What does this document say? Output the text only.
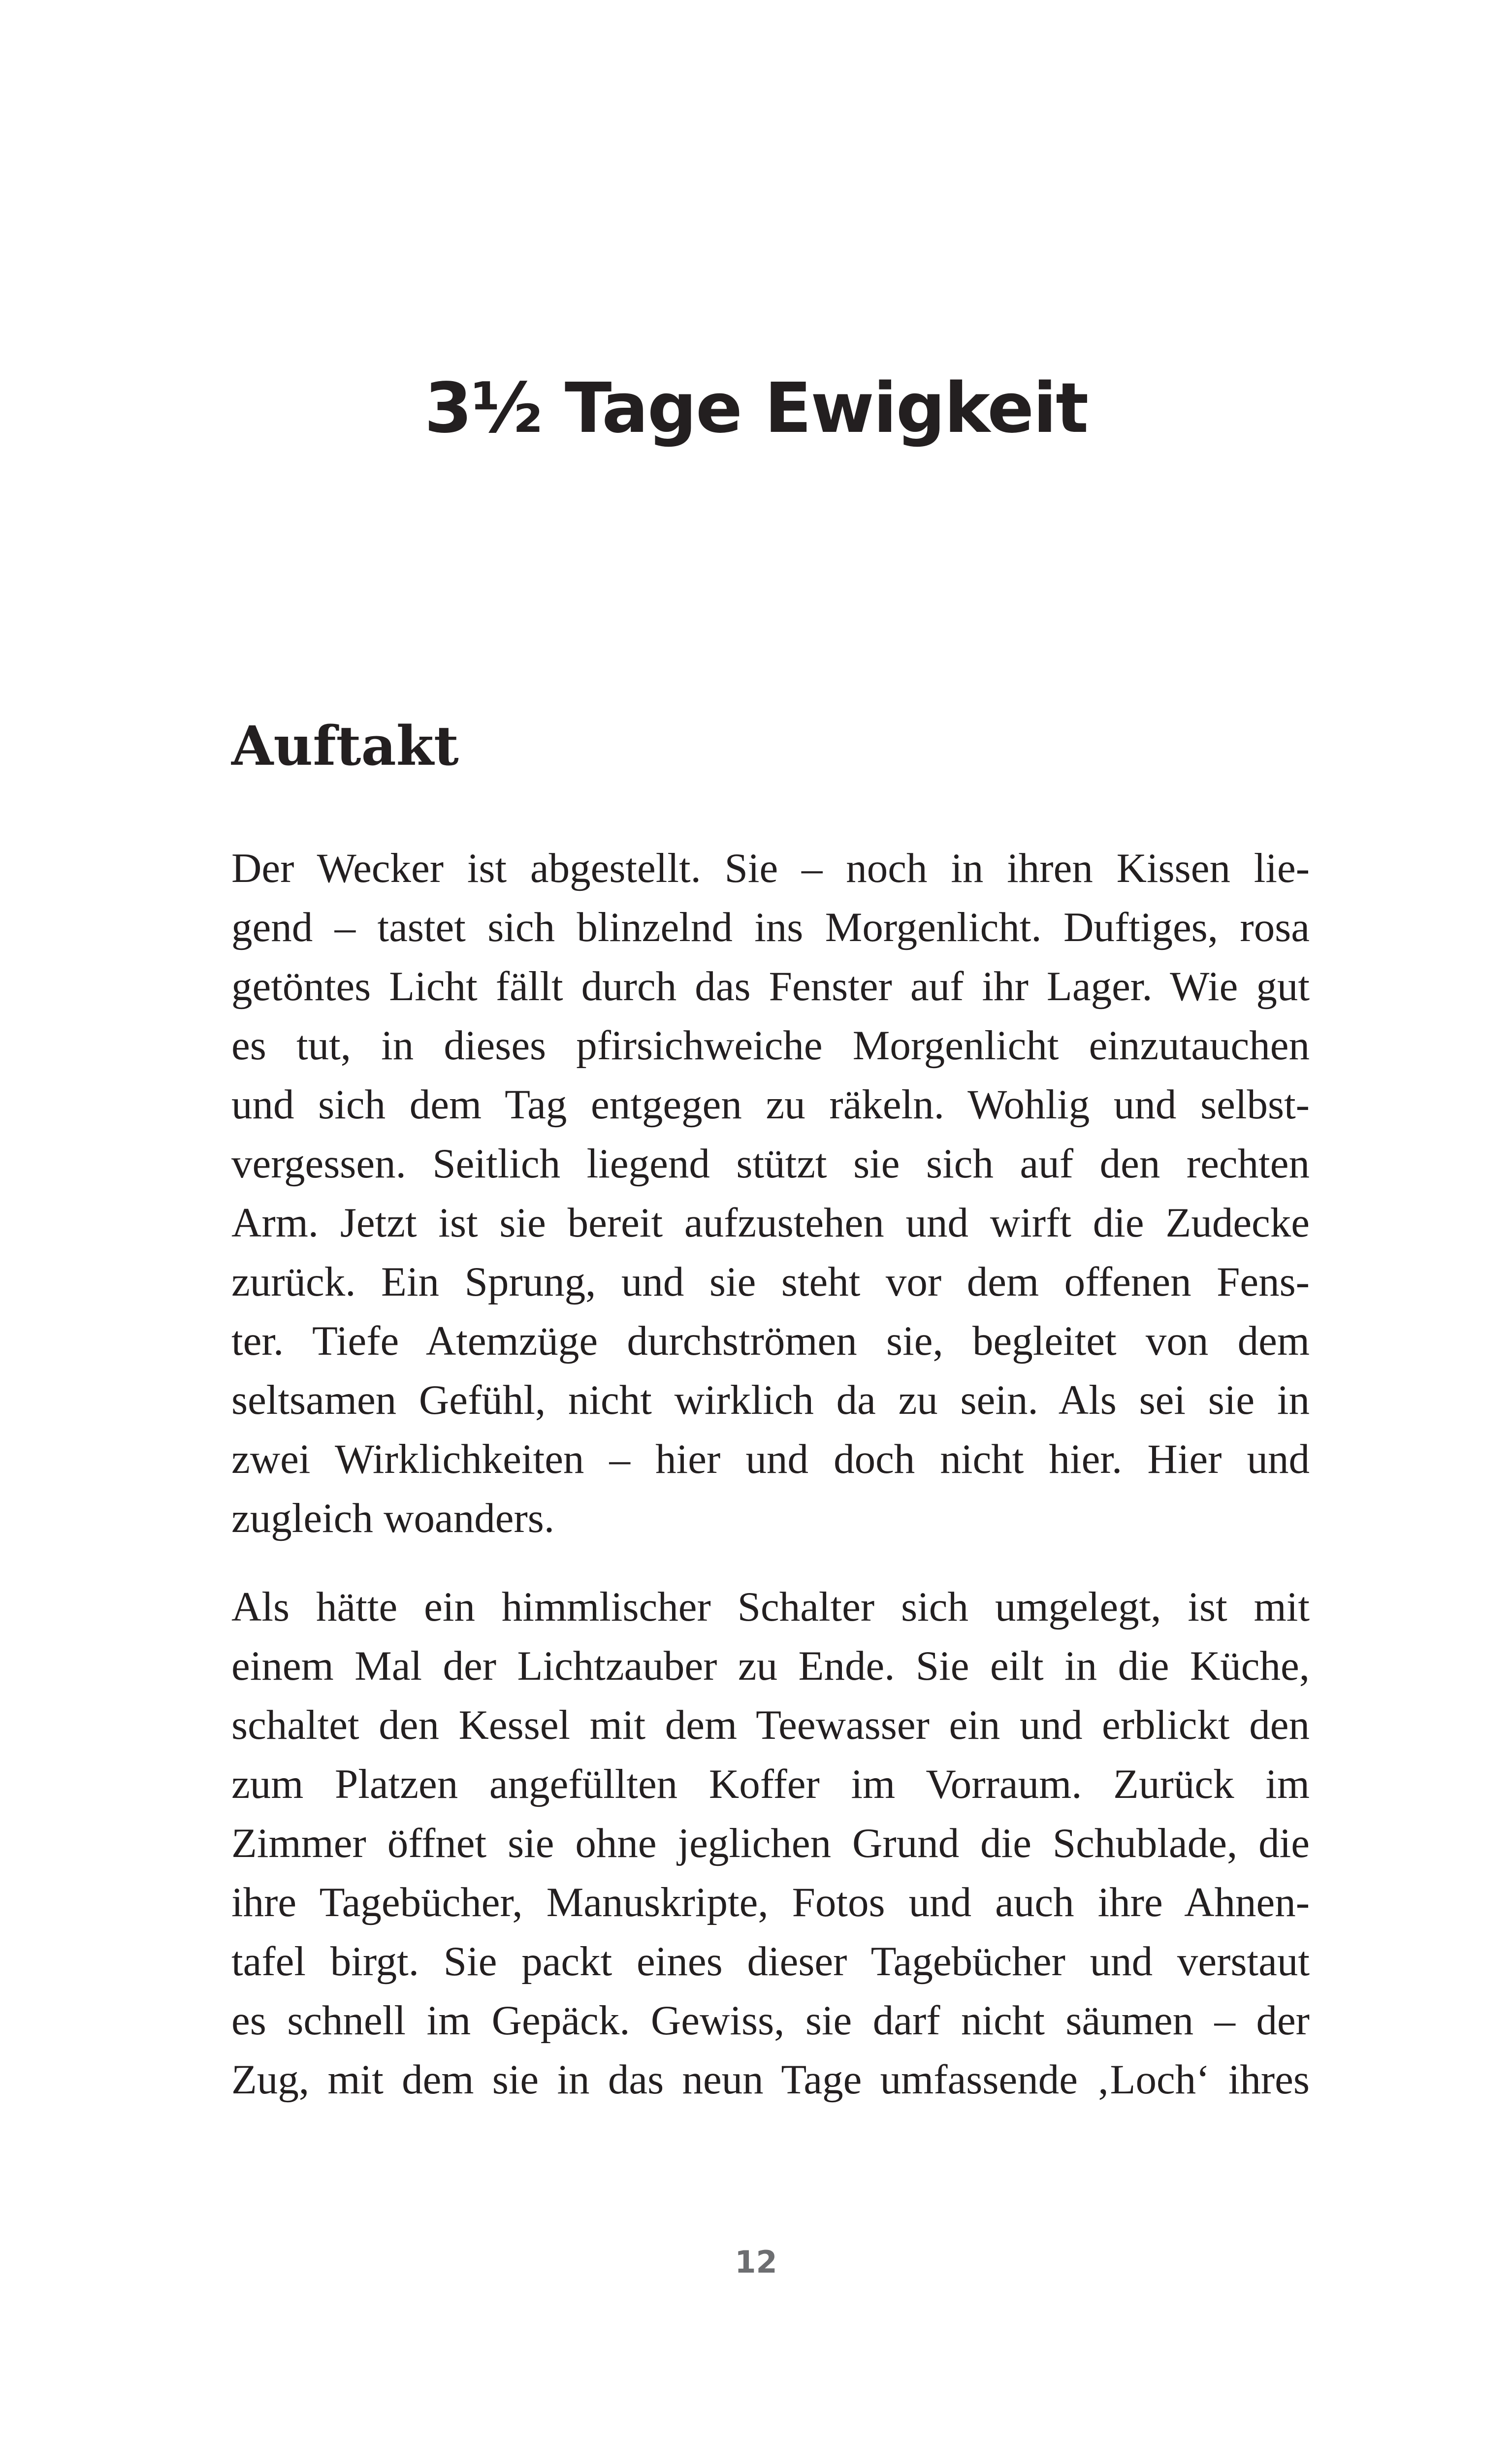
3½ Tage Ewigkeit
Auftakt
Der Wecker ist abgestellt. Sie – noch in ihren Kissen lie-
gend – tastet sich blinzelnd ins Morgenlicht. Duftiges, rosa
getöntes Licht fällt durch das Fenster auf ihr Lager. Wie gut
es tut, in dieses pfirsichweiche Morgenlicht einzutauchen
und sich dem Tag entgegen zu räkeln. Wohlig und selbst-
vergessen. Seitlich liegend stützt sie sich auf den rechten
Arm. Jetzt ist sie bereit aufzustehen und wirft die Zudecke
zurück. Ein Sprung, und sie steht vor dem offenen Fens-
ter. Tiefe Atemzüge durchströmen sie, begleitet von dem
seltsamen Gefühl, nicht wirklich da zu sein. Als sei sie in
zwei Wirklichkeiten – hier und doch nicht hier. Hier und
zugleich woanders.
Als hätte ein himmlischer Schalter sich umgelegt, ist mit
einem Mal der Lichtzauber zu Ende. Sie eilt in die Küche,
schaltet den Kessel mit dem Teewasser ein und erblickt den
zum Platzen angefüllten Koffer im Vorraum. Zurück im
Zimmer öffnet sie ohne jeglichen Grund die Schublade, die
ihre Tagebücher, Manuskripte, Fotos und auch ihre Ahnen-
tafel birgt. Sie packt eines dieser Tagebücher und verstaut
es schnell im Gepäck. Gewiss, sie darf nicht säumen – der
Zug, mit dem sie in das neun Tage umfassende ‚Loch‘ ihres
12
